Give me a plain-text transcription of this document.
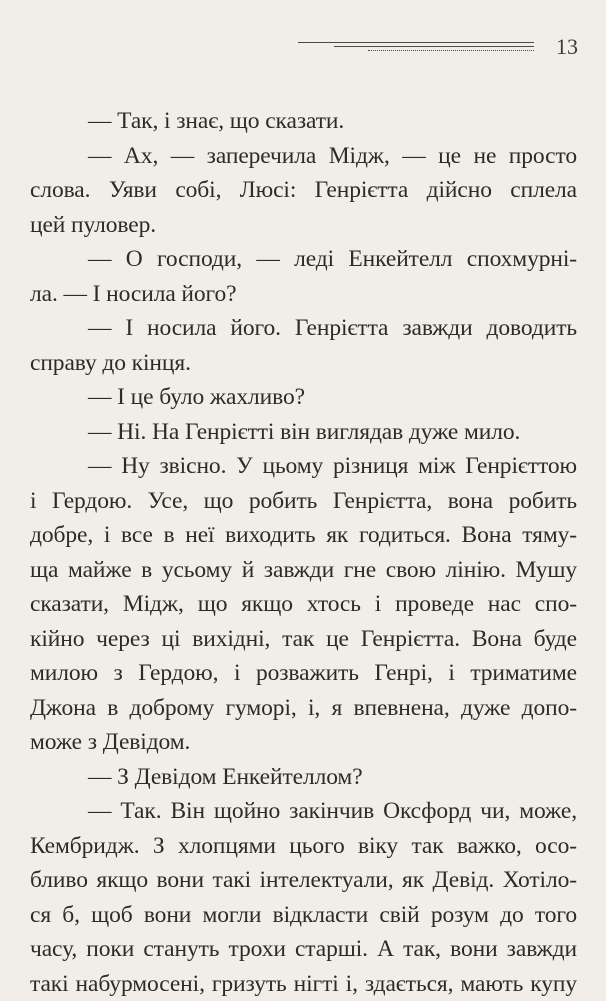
13
— Так, і знає, що сказати.
— Ах, — заперечила Мідж, — це не просто
слова. Уяви собі, Люсі: Генрієтта дійсно сплела
цей пуловер.
— О господи, — леді Енкейтелл спохмурні-
ла. — І носила його?
— І носила його. Генрієтта завжди доводить
справу до кінця.
— І це було жахливо?
— Ні. На Генрієтті він виглядав дуже мило.
— Ну звісно. У цьому різниця між Генрієттою
і Гердою. Усе, що робить Генрієтта, вона робить
добре, і все в неї виходить як годиться. Вона тяму-
ща майже в усьому й завжди гне свою лінію. Мушу
сказати, Мідж, що якщо хтось і проведе нас спо-
кійно через ці вихідні, так це Генрієтта. Вона буде
милою з Гердою, і розважить Генрі, і триматиме
Джона в доброму гуморі, і, я впевнена, дуже допо-
може з Девідом.
— З Девідом Енкейтеллом?
— Так. Він щойно закінчив Оксфорд чи, може,
Кембридж. З хлопцями цього віку так важко, осо-
бливо якщо вони такі інтелектуали, як Девід. Хотіло-
ся б, щоб вони могли відкласти свій розум до того
часу, поки стануть трохи старші. А так, вони завжди
такі набурмосені, гризуть нігті і, здається, мають купу
